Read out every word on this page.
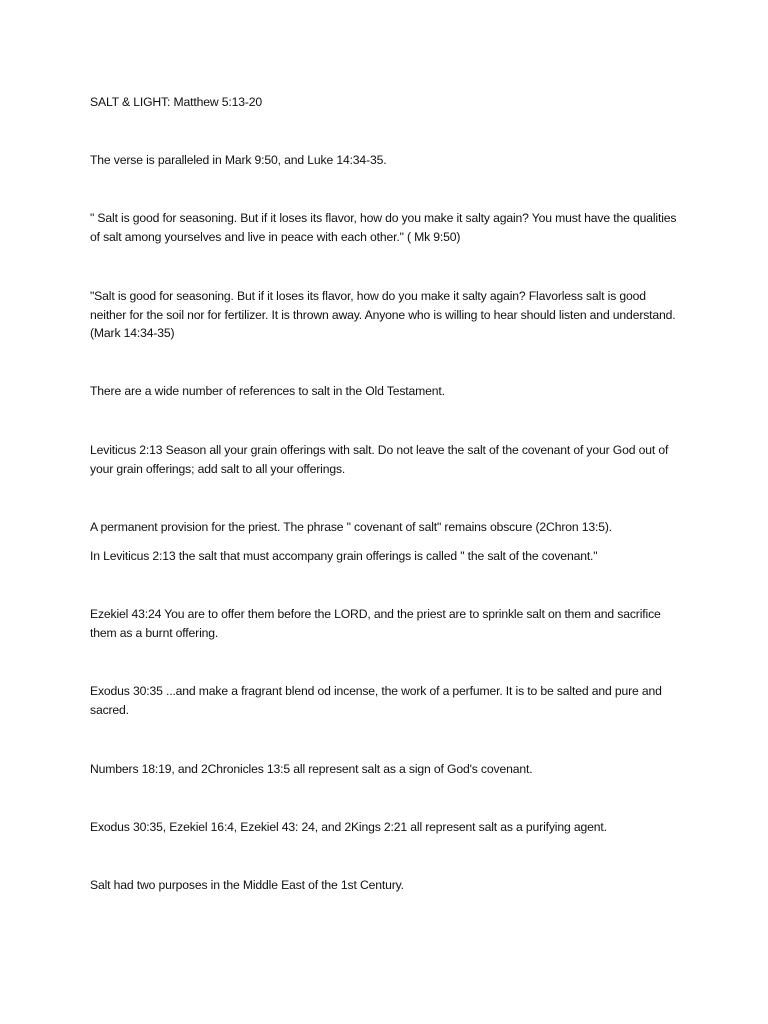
SALT & LIGHT: Matthew 5:13-20

The verse is paralleled in Mark 9:50, and Luke 14:34-35.

" Salt is good for seasoning. But if it loses its flavor, how do you make it salty again? You must have the qualities of salt among yourselves and live in peace with each other." ( Mk 9:50)

"Salt is good for seasoning. But if it loses its flavor, how do you make it salty again? Flavorless salt is good neither for the soil nor for fertilizer. It is thrown away. Anyone who is willing to hear should listen and understand. (Mark 14:34-35)

There are a wide number of references to salt in the Old Testament.

Leviticus 2:13 Season all your grain offerings with salt. Do not leave the salt of the covenant of your God out of your grain offerings; add salt to all your offerings.

A permanent provision for the priest. The phrase " covenant of salt" remains obscure (2Chron 13:5).

In Leviticus 2:13 the salt that must accompany grain offerings is called " the salt of the covenant."

Ezekiel 43:24 You are to offer them before the LORD, and the priest are to sprinkle salt on them and sacrifice them as a burnt offering.

Exodus 30:35 ...and make a fragrant blend od incense, the work of a perfumer. It is to be salted and pure and sacred.

Numbers 18:19, and 2Chronicles 13:5 all represent salt as a sign of God's covenant.

Exodus 30:35, Ezekiel 16:4, Ezekiel 43: 24, and 2Kings 2:21 all represent salt as a purifying agent.

Salt had two purposes in the Middle East of the 1st Century.
